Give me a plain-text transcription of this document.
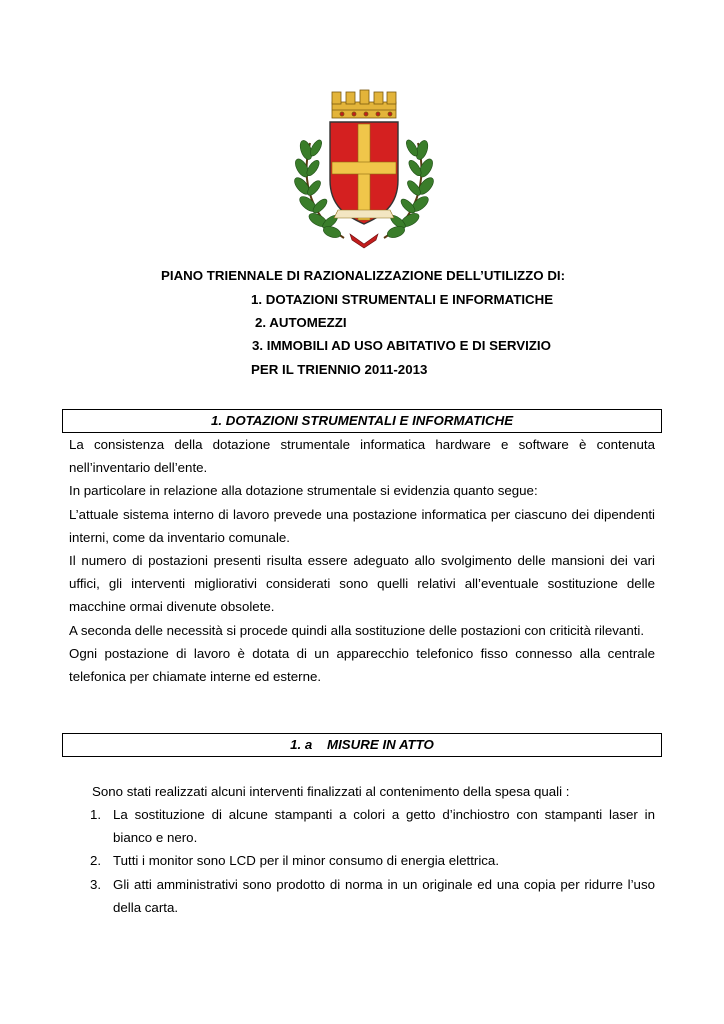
PIANO TRIENNALE DI RAZIONALIZZAZIONE DELL’UTILIZZO DI:
1. DOTAZIONI STRUMENTALI E INFORMATICHE
2. AUTOMEZZI
3. IMMOBILI AD USO ABITATIVO E DI SERVIZIO
PER IL TRIENNIO 2011-2013
1. DOTAZIONI STRUMENTALI E INFORMATICHE

La consistenza della dotazione strumentale informatica hardware e software è contenuta nell’inventario dell’ente.

In particolare in relazione alla dotazione strumentale si evidenzia quanto segue:

L’attuale sistema interno di lavoro prevede una postazione informatica per ciascuno dei dipendenti interni, come da inventario comunale.

Il numero di postazioni presenti risulta essere adeguato allo svolgimento delle mansioni dei vari uffici, gli interventi migliorativi considerati sono quelli relativi all’eventuale sostituzione delle macchine ormai divenute obsolete.

A seconda delle necessità si procede quindi alla sostituzione delle postazioni con criticità rilevanti.

Ogni postazione di lavoro è dotata di un apparecchio telefonico fisso connesso alla centrale telefonica per chiamate interne ed esterne.

1. a    MISURE IN ATTO
Sono stati realizzati alcuni interventi finalizzati al contenimento della spesa quali :
1. La sostituzione di alcune stampanti a colori a getto d’inchiostro con stampanti laser in bianco e nero.
2. Tutti i monitor sono LCD per il minor consumo di energia elettrica.
3. Gli atti amministrativi sono prodotto di norma in un originale ed una copia per ridurre l’uso della carta.
